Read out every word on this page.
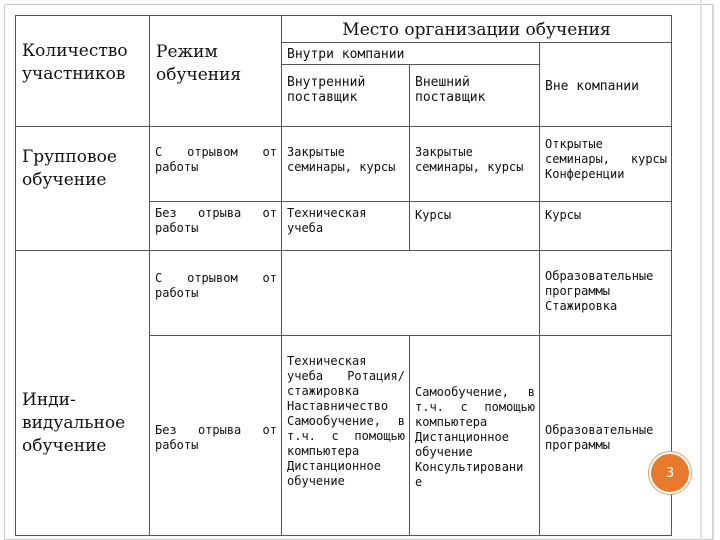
Количество участников	Режим обучения	Место организации обучения		
		Внутри компании		Вне компании
		Внутренний поставщик	Внешний поставщик	
Групповое обучение	С отрывом от работы	Закрытые семинары, курсы	Закрытые семинары, курсы	Открытые семинары, курсы Конференции
	Без отрыва от работы	Техническая учеба	Курсы	Курсы
Инди- видуальное обучение	С отрывом от работы			Образовательные программы Стажировка
	Без отрыва от работы	Техническая учеба Ротация/ стажировка Наставничество Самообучение, в т.ч. с помощью компьютера Дистанционное обучение	Самообучение, в т.ч. с помощью компьютера Дистанционное обучение Консультировани е	Образовательные программы
3
